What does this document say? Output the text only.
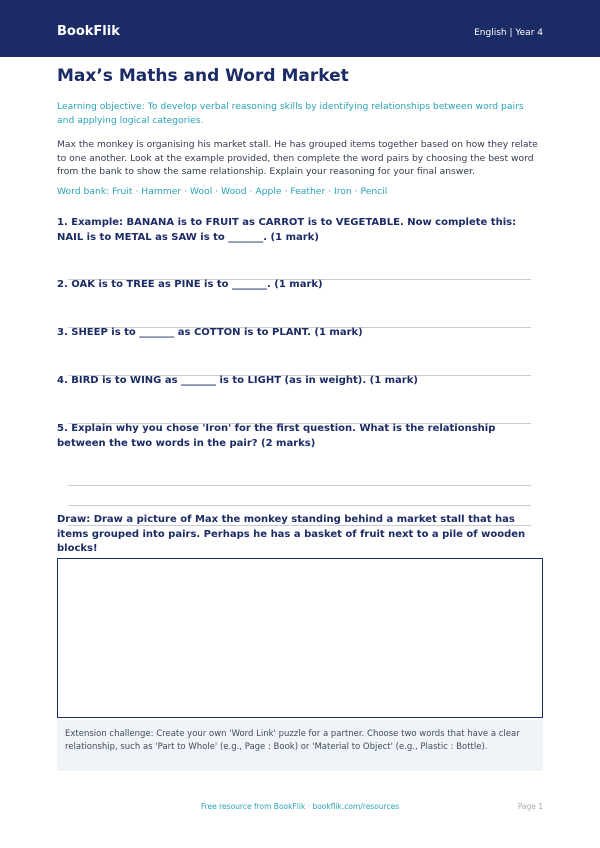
BookFlik	English | Year 4
Max’s Maths and Word Market
Learning objective: To develop verbal reasoning skills by identifying relationships between word pairs and applying logical categories.
Max the monkey is organising his market stall. He has grouped items together based on how they relate to one another. Look at the example provided, then complete the word pairs by choosing the best word from the bank to show the same relationship. Explain your reasoning for your final answer.
Word bank: Fruit · Hammer · Wool · Wood · Apple · Feather · Iron · Pencil
1. Example: BANANA is to FRUIT as CARROT is to VEGETABLE. Now complete this: NAIL is to METAL as SAW is to _______. (1 mark)
2. OAK is to TREE as PINE is to _______. (1 mark)
3. SHEEP is to _______ as COTTON is to PLANT. (1 mark)
4. BIRD is to WING as _______ is to LIGHT (as in weight). (1 mark)
5. Explain why you chose 'Iron' for the first question. What is the relationship between the two words in the pair? (2 marks)
Draw: Draw a picture of Max the monkey standing behind a market stall that has items grouped into pairs. Perhaps he has a basket of fruit next to a pile of wooden blocks!
Extension challenge: Create your own 'Word Link' puzzle for a partner. Choose two words that have a clear relationship, such as 'Part to Whole' (e.g., Page : Book) or 'Material to Object' (e.g., Plastic : Bottle).
Free resource from BookFlik · bookflik.com/resources	Page 1
